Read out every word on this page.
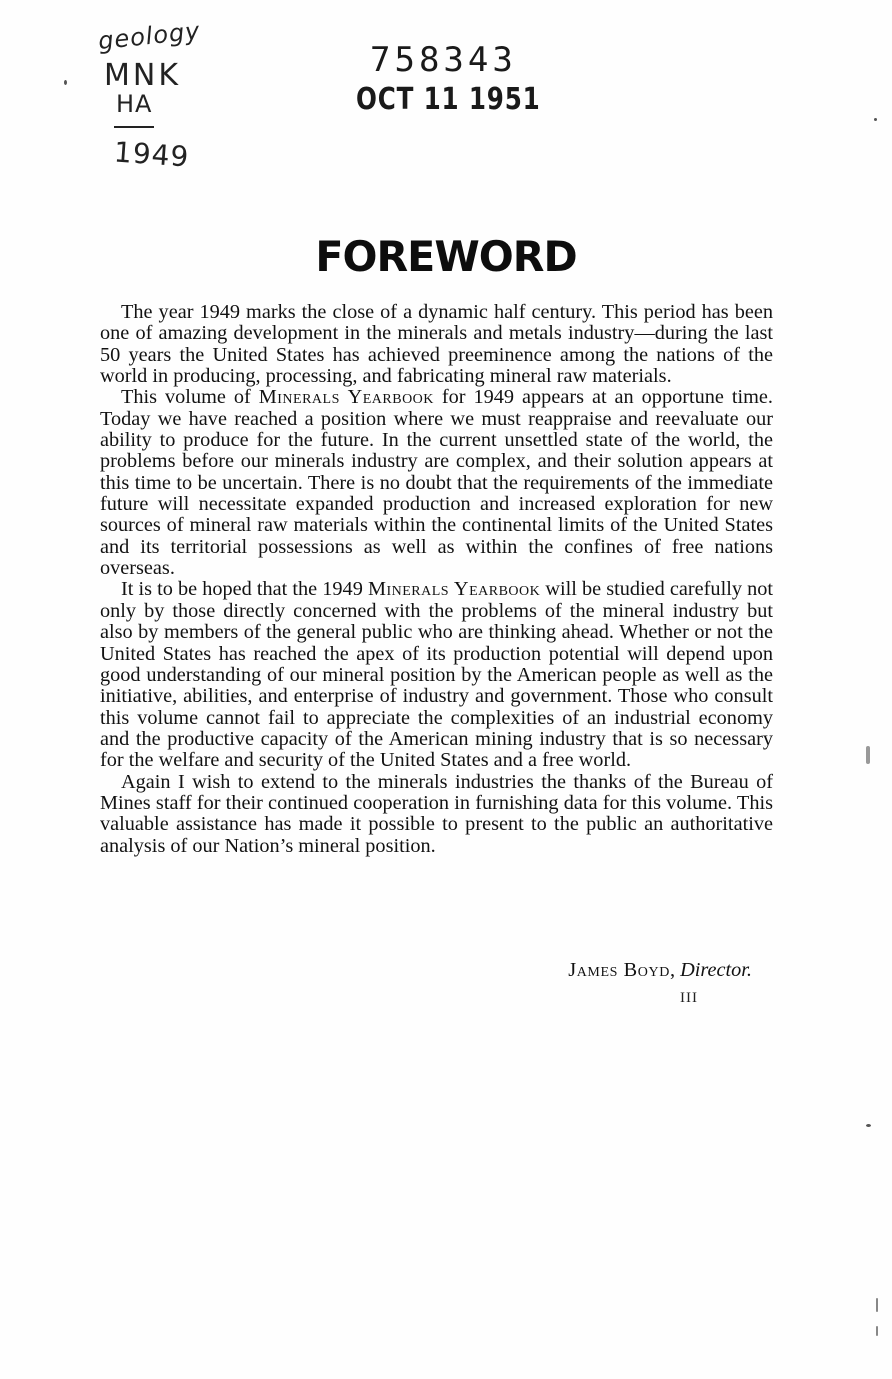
geology
MNK
HA
1949
758343
OCT 11 1951
FOREWORD

The year 1949 marks the close of a dynamic half century. This period has been one of amazing development in the minerals and metals industry—during the last 50 years the United States has achieved preeminence among the nations of the world in producing, processing, and fabricating mineral raw materials.

This volume of Minerals Yearbook for 1949 appears at an opportune time. Today we have reached a position where we must reappraise and reevaluate our ability to produce for the future. In the current unsettled state of the world, the problems before our minerals industry are complex, and their solution appears at this time to be uncertain. There is no doubt that the requirements of the immediate future will necessitate expanded production and increased exploration for new sources of mineral raw materials within the continental limits of the United States and its territorial possessions as well as within the confines of free nations overseas.

It is to be hoped that the 1949 Minerals Yearbook will be studied carefully not only by those directly concerned with the problems of the mineral industry but also by members of the general public who are thinking ahead. Whether or not the United States has reached the apex of its production potential will depend upon good understanding of our mineral position by the American people as well as the initiative, abilities, and enterprise of industry and government. Those who consult this volume cannot fail to appreciate the complexities of an industrial economy and the productive capacity of the American mining industry that is so necessary for the welfare and security of the United States and a free world.

Again I wish to extend to the minerals industries the thanks of the Bureau of Mines staff for their continued cooperation in furnishing data for this volume. This valuable assistance has made it possible to present to the public an authoritative analysis of our Nation’s mineral position.

James Boyd, Director.
III
